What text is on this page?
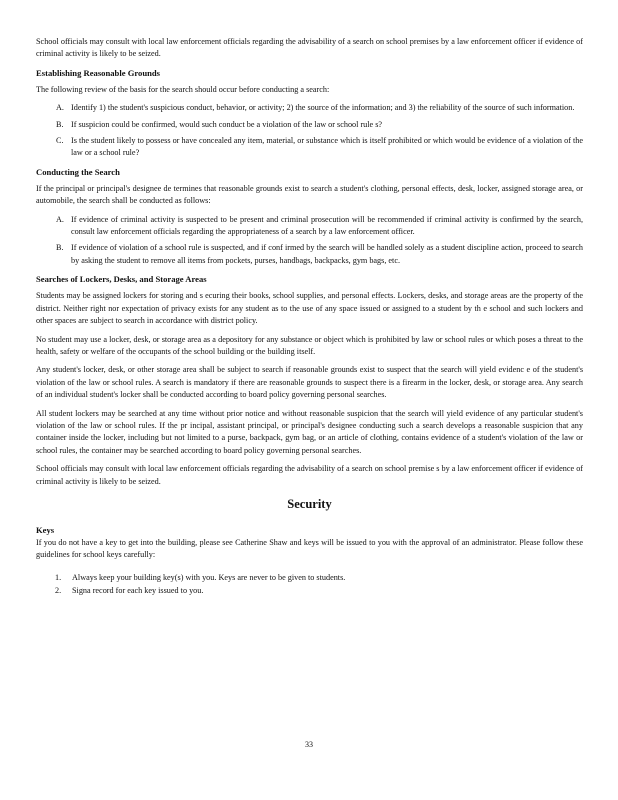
School officials may consult with local law enforcement officials regarding the advisability of a search on school premises by a law enforcement officer if evidence of criminal activity is likely to be seized.

Establishing Reasonable Grounds

The following review of the basis for the search should occur before conducting a search:

A. Identify 1) the student's suspicious conduct, behavior, or activity; 2) the source of the information; and 3) the reliability of the source of such information.
B. If suspicion could be confirmed, would such conduct be a violation of the law or school rule s?
C. Is the student likely to possess or have concealed any item, material, or substance which is itself prohibited or which would be evidence of a violation of the law or a school rule?
Conducting the Search

If the principal or principal's designee de termines that reasonable grounds exist to search a student's clothing, personal effects, desk, locker, assigned storage area, or automobile, the search shall be conducted as follows:

A. If evidence of criminal activity is suspected to be present and criminal prosecution will be recommended if criminal activity is confirmed by the search, consult law enforcement officials regarding the appropriateness of a search by a law enforcement officer.
B. If evidence of violation of a school rule is suspected, and if conf irmed by the search will be handled solely as a student discipline action, proceed to search by asking the student to remove all items from pockets, purses, handbags, backpacks, gym bags, etc.
Searches of Lockers, Desks, and Storage Areas

Students may be assigned lockers for storing and s ecuring their books, school supplies, and personal effects. Lockers, desks, and storage areas are the property of the district. Neither right nor expectation of privacy exists for any student as to the use of any space issued or assigned to a student by th e school and such lockers and other spaces are subject to search in accordance with district policy.

No student may use a locker, desk, or storage area as a depository for any substance or object which is prohibited by law or school rules or which poses a threat to the health, safety or welfare of the occupants of the school building or the building itself.

Any student's locker, desk, or other storage area shall be subject to search if reasonable grounds exist to suspect that the search will yield evidenc e of the student's violation of the law or school rules. A search is mandatory if there are reasonable grounds to suspect there is a firearm in the locker, desk, or storage area. Any search of an individual student's locker shall be conducted according to board policy governing personal searches.

All student lockers may be searched at any time without prior notice and without reasonable suspicion that the search will yield evidence of any particular student's violation of the law or school rules. If the pr incipal, assistant principal, or principal's designee conducting such a search develops a reasonable suspicion that any container inside the locker, including but not limited to a purse, backpack, gym bag, or an article of clothing, contains evidence of a student's violation of the law or school rules, the container may be searched according to board policy governing personal searches.

School officials may consult with local law enforcement officials regarding the advisability of a search on school premise s by a law enforcement officer if evidence of criminal activity is likely to be seized.

Security
Keys

If you do not have a key to get into the building, please see Catherine Shaw and keys will be issued to you with the approval of an administrator. Please follow these guidelines for school keys carefully:

1. Always keep your building key(s) with you. Keys are never to be given to students.
2. Signa record for each key issued to you.
33
